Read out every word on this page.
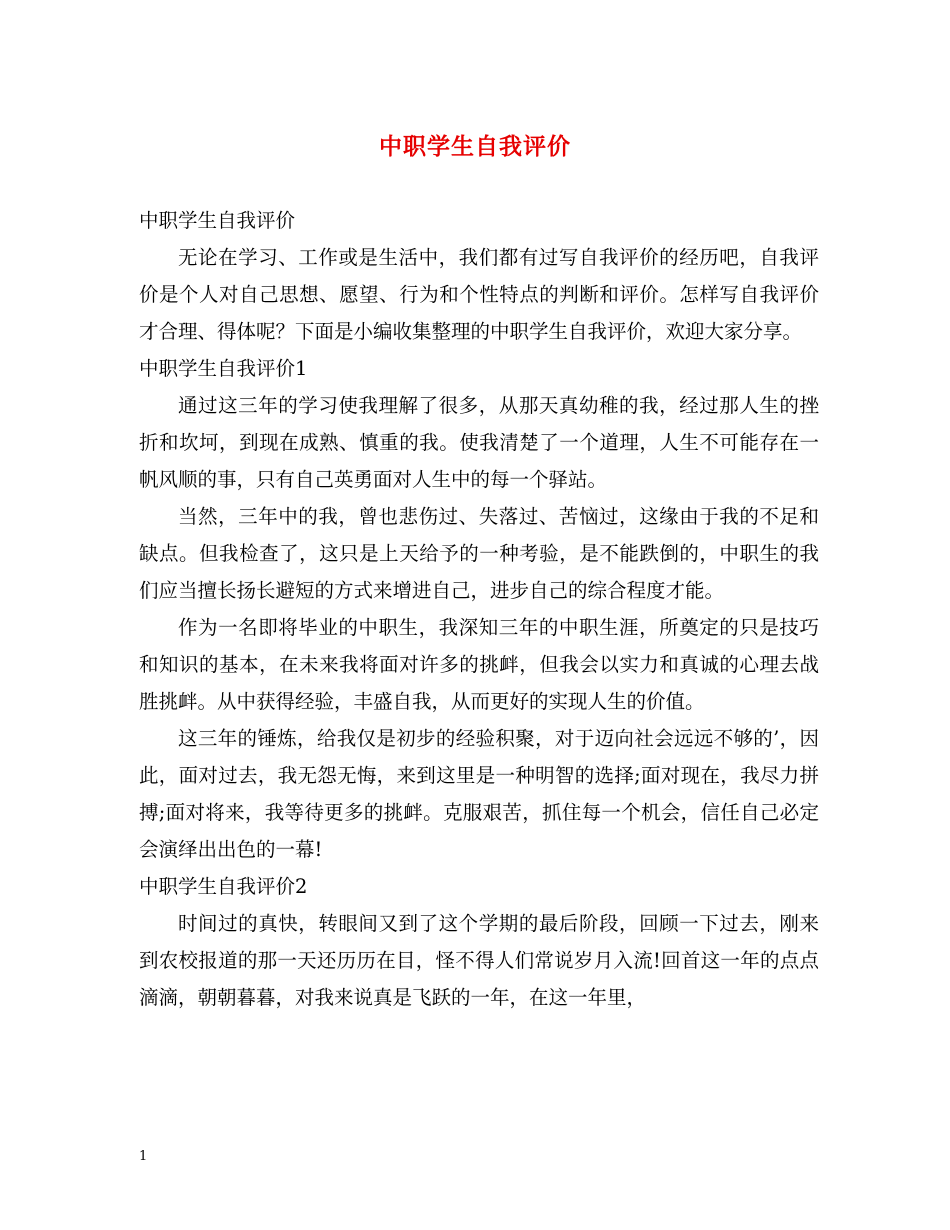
中职学生自我评价

中职学生自我评价

无论在学习、工作或是生活中，我们都有过写自我评价的经历吧，自我评价是个人对自己思想、愿望、行为和个性特点的判断和评价。怎样写自我评价才合理、得体呢？下面是小编收集整理的中职学生自我评价，欢迎大家分享。

中职学生自我评价1

通过这三年的学习使我理解了很多，从那天真幼稚的我，经过那人生的挫折和坎坷，到现在成熟、慎重的我。使我清楚了一个道理，人生不可能存在一帆风顺的事，只有自己英勇面对人生中的每一个驿站。

当然，三年中的我，曾也悲伤过、失落过、苦恼过，这缘由于我的不足和缺点。但我检查了，这只是上天给予的一种考验，是不能跌倒的，中职生的我们应当擅长扬长避短的方式来增进自己，进步自己的综合程度才能。

作为一名即将毕业的中职生，我深知三年的中职生涯，所奠定的只是技巧和知识的基本，在未来我将面对许多的挑衅，但我会以实力和真诚的心理去战胜挑衅。从中获得经验，丰盛自我，从而更好的实现人生的价值。

这三年的锤炼，给我仅是初步的经验积聚，对于迈向社会远远不够的’，因此，面对过去，我无怨无悔，来到这里是一种明智的选择;面对现在，我尽力拼搏;面对将来，我等待更多的挑衅。克服艰苦，抓住每一个机会，信任自己必定会演绎出出色的一幕!

中职学生自我评价2

时间过的真快，转眼间又到了这个学期的最后阶段，回顾一下过去，刚来到农校报道的那一天还历历在目，怪不得人们常说岁月入流!回首这一年的点点滴滴，朝朝暮暮，对我来说真是飞跃的一年，在这一年里，

1
